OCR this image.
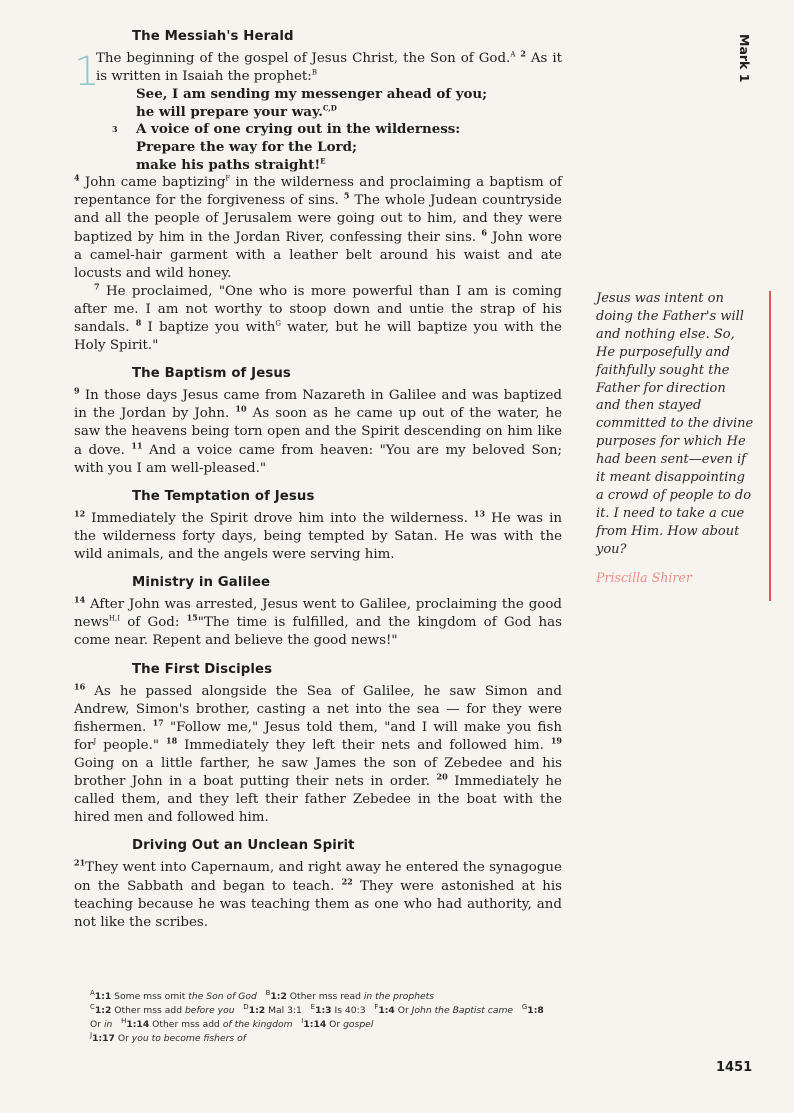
Mark 1
1
The Messiah's Herald

The beginning of the gospel of Jesus Christ, the Son of God.$^A$ $^2$ As it is written in Isaiah the prophet:$^B$

See, I am sending my messenger ahead of you;
he will prepare your way.$^{C,D}$
3 A voice of one crying out in the wilderness:
Prepare the way for the Lord;
make his paths straight!$^E$

$^4$ John came baptizing$^F$ in the wilderness and proclaiming a baptism of repentance for the forgiveness of sins. $^5$ The whole Judean countryside and all the people of Jerusalem were going out to him, and they were baptized by him in the Jordan River, confessing their sins. $^6$ John wore a camel-hair garment with a leather belt around his waist and ate locusts and wild honey.

$^7$ He proclaimed, "One who is more powerful than I am is coming after me. I am not worthy to stoop down and untie the strap of his sandals. $^8$ I baptize you with$^G$ water, but he will baptize you with the Holy Spirit."

The Baptism of Jesus

$^9$ In those days Jesus came from Nazareth in Galilee and was baptized in the Jordan by John. $^{10}$ As soon as he came up out of the water, he saw the heavens being torn open and the Spirit descending on him like a dove. $^{11}$ And a voice came from heaven: "You are my beloved Son; with you I am well-pleased."

The Temptation of Jesus

$^{12}$ Immediately the Spirit drove him into the wilderness. $^{13}$ He was in the wilderness forty days, being tempted by Satan. He was with the wild animals, and the angels were serving him.

Ministry in Galilee

$^{14}$ After John was arrested, Jesus went to Galilee, proclaiming the good news$^{H,I}$ of God: $^{15}$"The time is fulfilled, and the kingdom of God has come near. Repent and believe the good news!"

The First Disciples

$^{16}$ As he passed alongside the Sea of Galilee, he saw Simon and Andrew, Simon's brother, casting a net into the sea — for they were fishermen. $^{17}$ "Follow me," Jesus told them, "and I will make you fish for$^J$ people." $^{18}$ Immediately they left their nets and followed him. $^{19}$ Going on a little farther, he saw James the son of Zebedee and his brother John in a boat putting their nets in order. $^{20}$ Immediately he called them, and they left their father Zebedee in the boat with the hired men and followed him.

Driving Out an Unclean Spirit

$^{21}$They went into Capernaum, and right away he entered the synagogue on the Sabbath and began to teach. $^{22}$ They were astonished at his teaching because he was teaching them as one who had authority, and not like the scribes.

Jesus was intent on doing the Father's will and nothing else. So, He purposefully and faithfully sought the Father for direction and then stayed committed to the divine purposes for which He had been sent—even if it meant disappointing a crowd of people to do it. I need to take a cue from Him. How about you?
Priscilla Shirer
$^A$1:1 Some mss omit the Son of God $^B$1:2 Other mss read in the prophets
$^C$1:2 Other mss add before you $^D$1:2 Mal 3:1 $^E$1:3 Is 40:3 $^F$1:4 Or John the Baptist came $^G$1:8 Or in $^H$1:14 Other mss add of the kingdom $^I$1:14 Or gospel
$^J$1:17 Or you to become fishers of
1451
